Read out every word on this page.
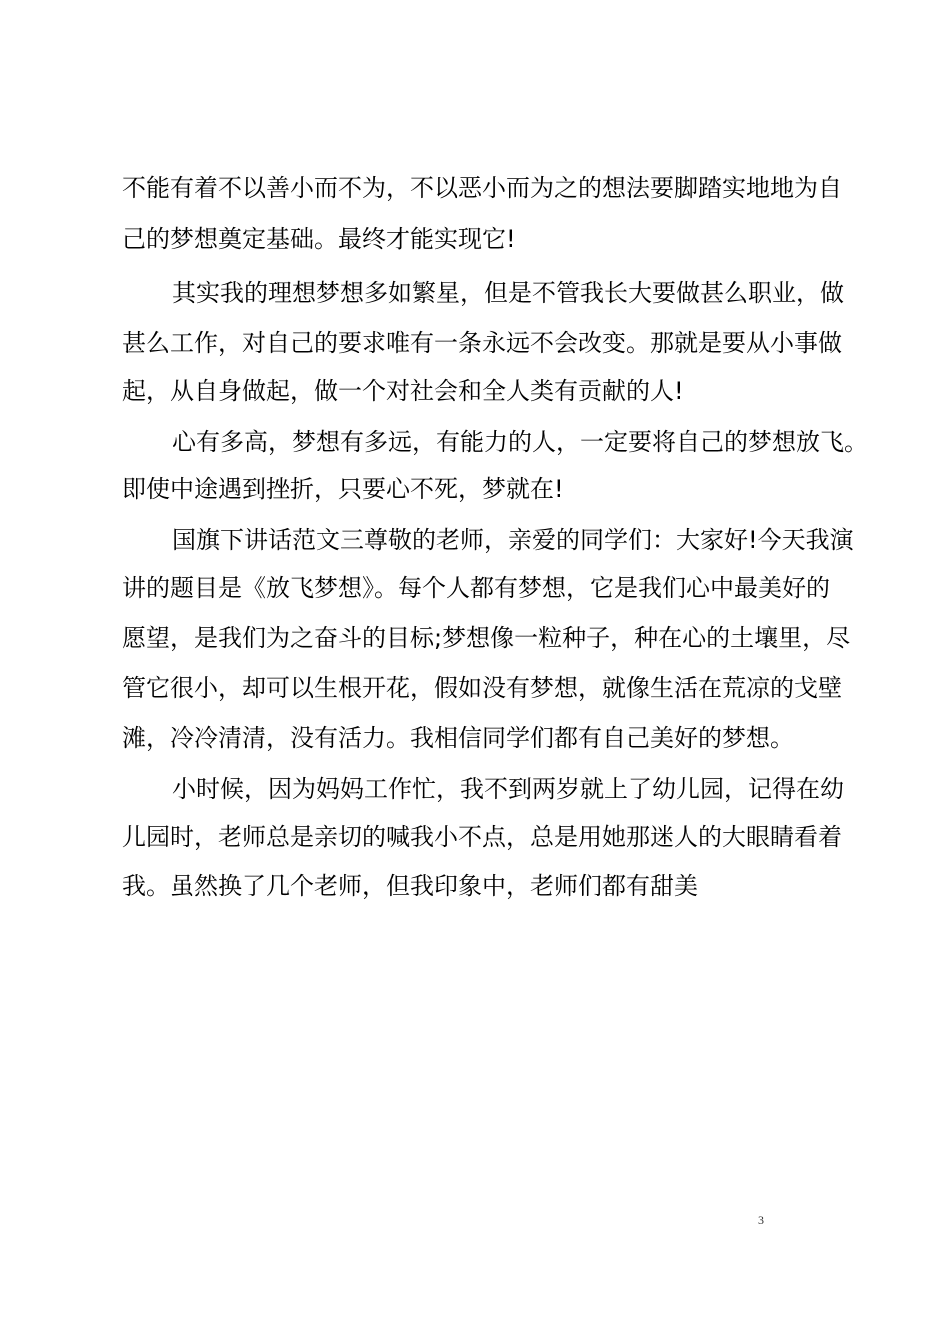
不能有着不以善小而不为，不以恶小而为之的想法要脚踏实地地为自

己的梦想奠定基础。最终才能实现它!

其实我的理想梦想多如繁星，但是不管我长大要做甚么职业，做

甚么工作，对自己的要求唯有一条永远不会改变。那就是要从小事做

起，从自身做起，做一个对社会和全人类有贡献的人!

心有多高，梦想有多远，有能力的人，一定要将自己的梦想放飞。

即使中途遇到挫折，只要心不死，梦就在!

国旗下讲话范文三尊敬的老师，亲爱的同学们：大家好!今天我演

讲的题目是《放飞梦想》。每个人都有梦想，它是我们心中最美好的

愿望，是我们为之奋斗的目标;梦想像一粒种子，种在心的土壤里，尽

管它很小，却可以生根开花，假如没有梦想，就像生活在荒凉的戈壁

滩，冷冷清清，没有活力。我相信同学们都有自己美好的梦想。

小时候，因为妈妈工作忙，我不到两岁就上了幼儿园，记得在幼

儿园时，老师总是亲切的喊我小不点，总是用她那迷人的大眼睛看着

我。虽然换了几个老师，但我印象中，老师们都有甜美

3
